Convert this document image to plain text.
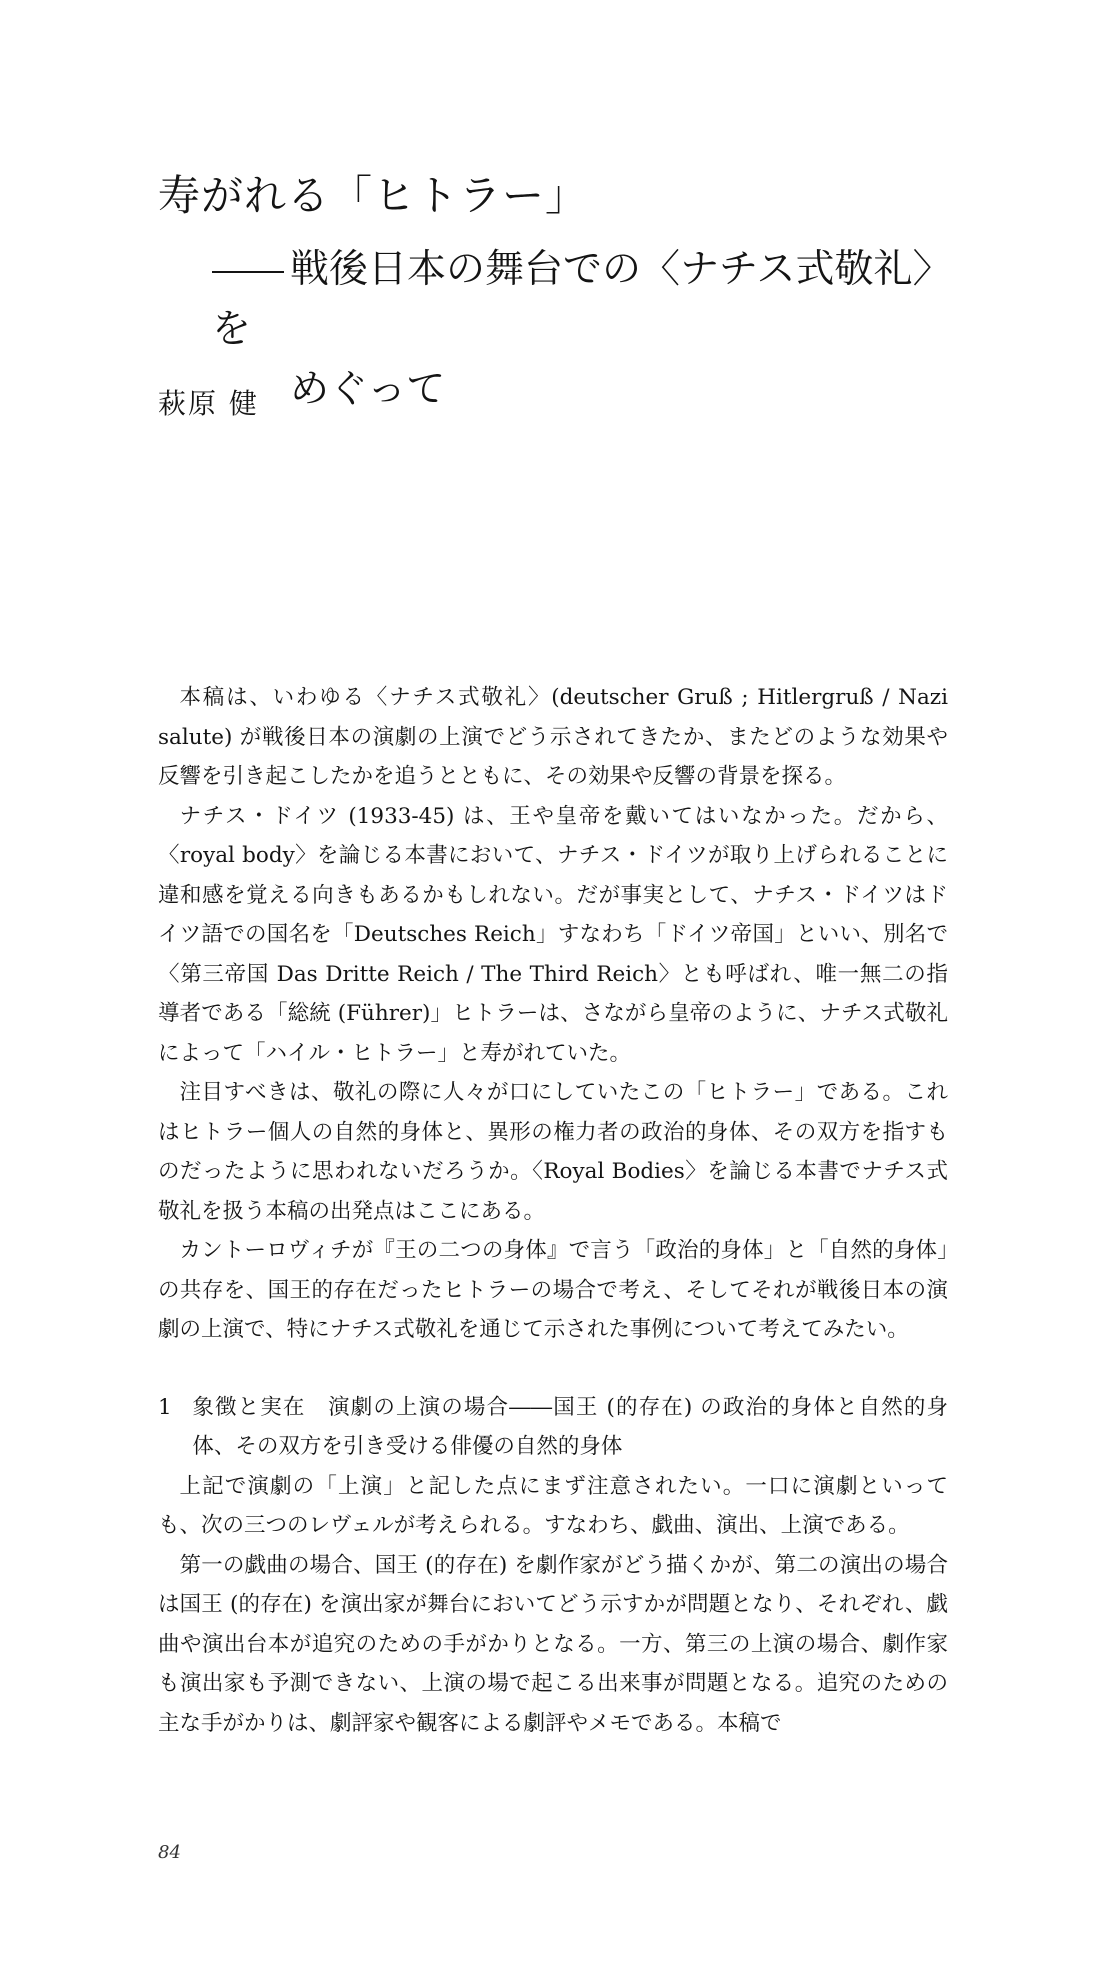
寿がれる「ヒトラー」
戦後日本の舞台での〈ナチス式敬礼〉を
めぐって
萩原 健

本稿は、いわゆる〈ナチス式敬礼〉(deutscher Gruß ; Hitlergruß / Nazi salute) が戦後日本の演劇の上演でどう示されてきたか、またどのような効果や反響を引き起こしたかを追うとともに、その効果や反響の背景を探る。

ナチス・ドイツ (1933-45) は、王や皇帝を戴いてはいなかった。だから、〈royal body〉を論じる本書において、ナチス・ドイツが取り上げられることに違和感を覚える向きもあるかもしれない。だが事実として、ナチス・ドイツはドイツ語での国名を「Deutsches Reich」すなわち「ドイツ帝国」といい、別名で〈第三帝国 Das Dritte Reich / The Third Reich〉とも呼ばれ、唯一無二の指導者である「総統 (Führer)」ヒトラーは、さながら皇帝のように、ナチス式敬礼によって「ハイル・ヒトラー」と寿がれていた。

注目すべきは、敬礼の際に人々が口にしていたこの「ヒトラー」である。これはヒトラー個人の自然的身体と、異形の権力者の政治的身体、その双方を指すものだったように思われないだろうか。〈Royal Bodies〉を論じる本書でナチス式敬礼を扱う本稿の出発点はここにある。

カントーロヴィチが『王の二つの身体』で言う「政治的身体」と「自然的身体」の共存を、国王的存在だったヒトラーの場合で考え、そしてそれが戦後日本の演劇の上演で、特にナチス式敬礼を通じて示された事例について考えてみたい。

1 象徴と実在　演劇の上演の場合――国王 (的存在) の政治的身体と自然的身体、その双方を引き受ける俳優の自然的身体

上記で演劇の「上演」と記した点にまず注意されたい。一口に演劇といっても、次の三つのレヴェルが考えられる。すなわち、戯曲、演出、上演である。

第一の戯曲の場合、国王 (的存在) を劇作家がどう描くかが、第二の演出の場合は国王 (的存在) を演出家が舞台においてどう示すかが問題となり、それぞれ、戯曲や演出台本が追究のための手がかりとなる。一方、第三の上演の場合、劇作家も演出家も予測できない、上演の場で起こる出来事が問題となる。追究のための主な手がかりは、劇評家や観客による劇評やメモである。本稿で

84
